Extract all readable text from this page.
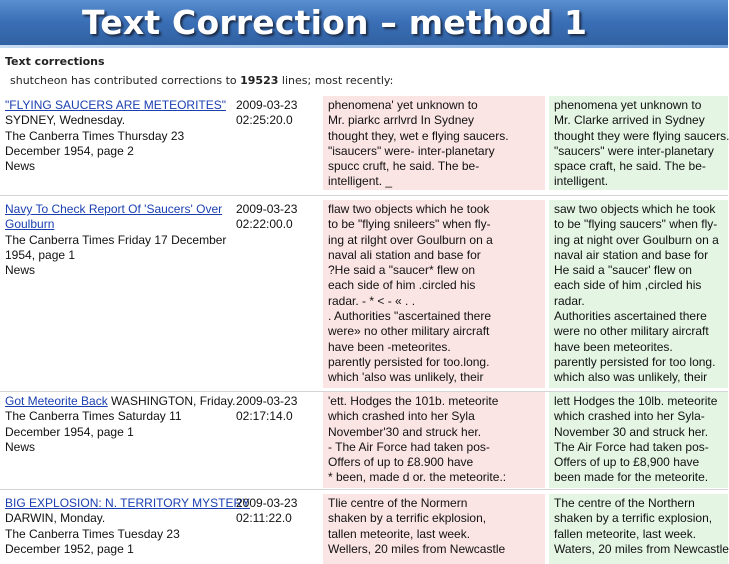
Text Correction – method 1
Text corrections
shutcheon has contributed corrections to 19523 lines; most recently:
"FLYING SAUCERS ARE METEORITES"
SYDNEY, Wednesday.
The Canberra Times Thursday 23
December 1954, page 2
News
2009-03-23
02:25:20.0
phenomena' yet unknown to
Mr. piarkc arrlvrd In Sydney
thought they, wet e flying saucers.
"isaucers" were- inter-planetary
spucc cruft, he said. The be-
intelligent. _
phenomena yet unknown to
Mr. Clarke arrived in Sydney
thought they were flying saucers.
"saucers" were inter-planetary
space craft, he said. The be-
intelligent.
Navy To Check Report Of 'Saucers' Over
Goulburn
The Canberra Times Friday 17 December
1954, page 1
News
2009-03-23
02:22:00.0
flaw two objects which he took
to be "flying snileers" when fly-
ing at rilght over Goulburn on a
naval ali station and base for
?He said a "saucer* flew on
each side of him .circled his
radar. - * < - « . .
. Authorities "ascertained there
were» no other military aircraft
have been -meteorites.
parently persisted for too.long.
which 'also was unlikely, their
saw two objects which he took
to be "flying saucers" when fly-
ing at night over Goulburn on a
naval air station and base for
He said a "saucer' flew on
each side of him ,circled his
radar.
Authorities ascertained there
were no other military aircraft
have been meteorites.
parently persisted for too long.
which also was unlikely, their
Got Meteorite Back WASHINGTON, Friday.
The Canberra Times Saturday 11
December 1954, page 1
News
2009-03-23
02:17:14.0
'ett. Hodges the 101b. meteorite
which crashed into her Syla
November'30 and struck her.
- The Air Force had taken pos-
Offers of up to £8.900 have
* been, made d or. the meteorite.:
lett Hodges the 10lb. meteorite
which crashed into her Syla-
November 30 and struck her.
The Air Force had taken pos-
Offers of up to £8,900 have
been made for the meteorite.
BIG EXPLOSION: N. TERRITORY MYSTERY
DARWIN, Monday.
The Canberra Times Tuesday 23
December 1952, page 1
2009-03-23
02:11:22.0
Tlie centre of the Normern
shaken by a terrific ekplosion,
tallen meteorite, last week.
Wellers, 20 miles from Newcastle
The centre of the Northern
shaken by a terrific explosion,
fallen meteorite, last week.
Waters, 20 miles from Newcastle
